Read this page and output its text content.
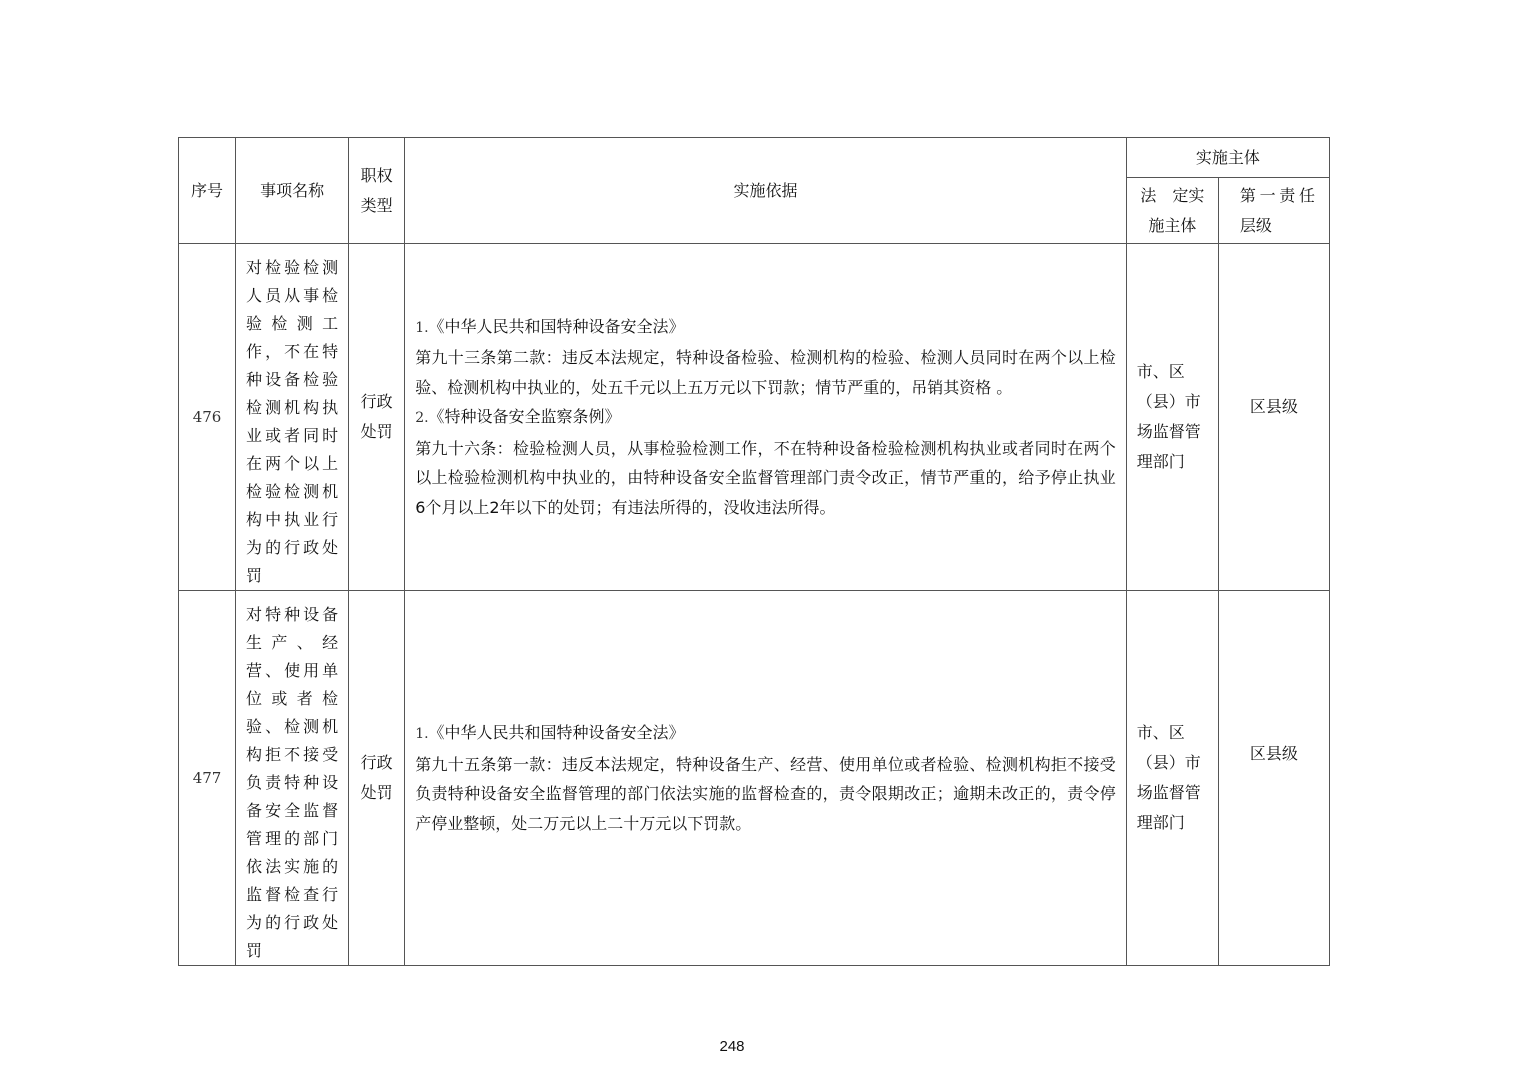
序号	事项名称	职权类型	实施依据	实施主体	
				法　定实施主体	第一责任层级

476	对检验检测人员从事检验检测工作，不在特种设备检验检测机构执业或者同时在两个以上检验检测机构中执业行为的行政处罚	行政处罚	1.《中华人民共和国特种设备安全法》
第九十三条第二款：违反本法规定，特种设备检验、检测机构的检验、检测人员同时在两个以上检验、检测机构中执业的，处五千元以上五万元以下罚款；情节严重的，吊销其资格 。
2.《特种设备安全监察条例》
第九十六条：检验检测人员，从事检验检测工作，不在特种设备检验检测机构执业或者同时在两个以上检验检测机构中执业的，由特种设备安全监督管理部门责令改正，情节严重的，给予停止执业 6个月以上2年以下的处罚；有违法所得的，没收违法所得。	市、区（县）市场监督管理部门	区县级
477	对特种设备生产、经营、使用单位或者检验、检测机构拒不接受负责特种设备安全监督管理的部门依法实施的监督检查行为的行政处罚	行政处罚	1.《中华人民共和国特种设备安全法》
第九十五条第一款：违反本法规定，特种设备生产、经营、使用单位或者检验、检测机构拒不接受负责特种设备安全监督管理的部门依法实施的监督检查的，责令限期改正；逾期未改正的，责令停产停业整顿，处二万元以上二十万元以下罚款。	市、区（县）市场监督管理部门	区县级
248
